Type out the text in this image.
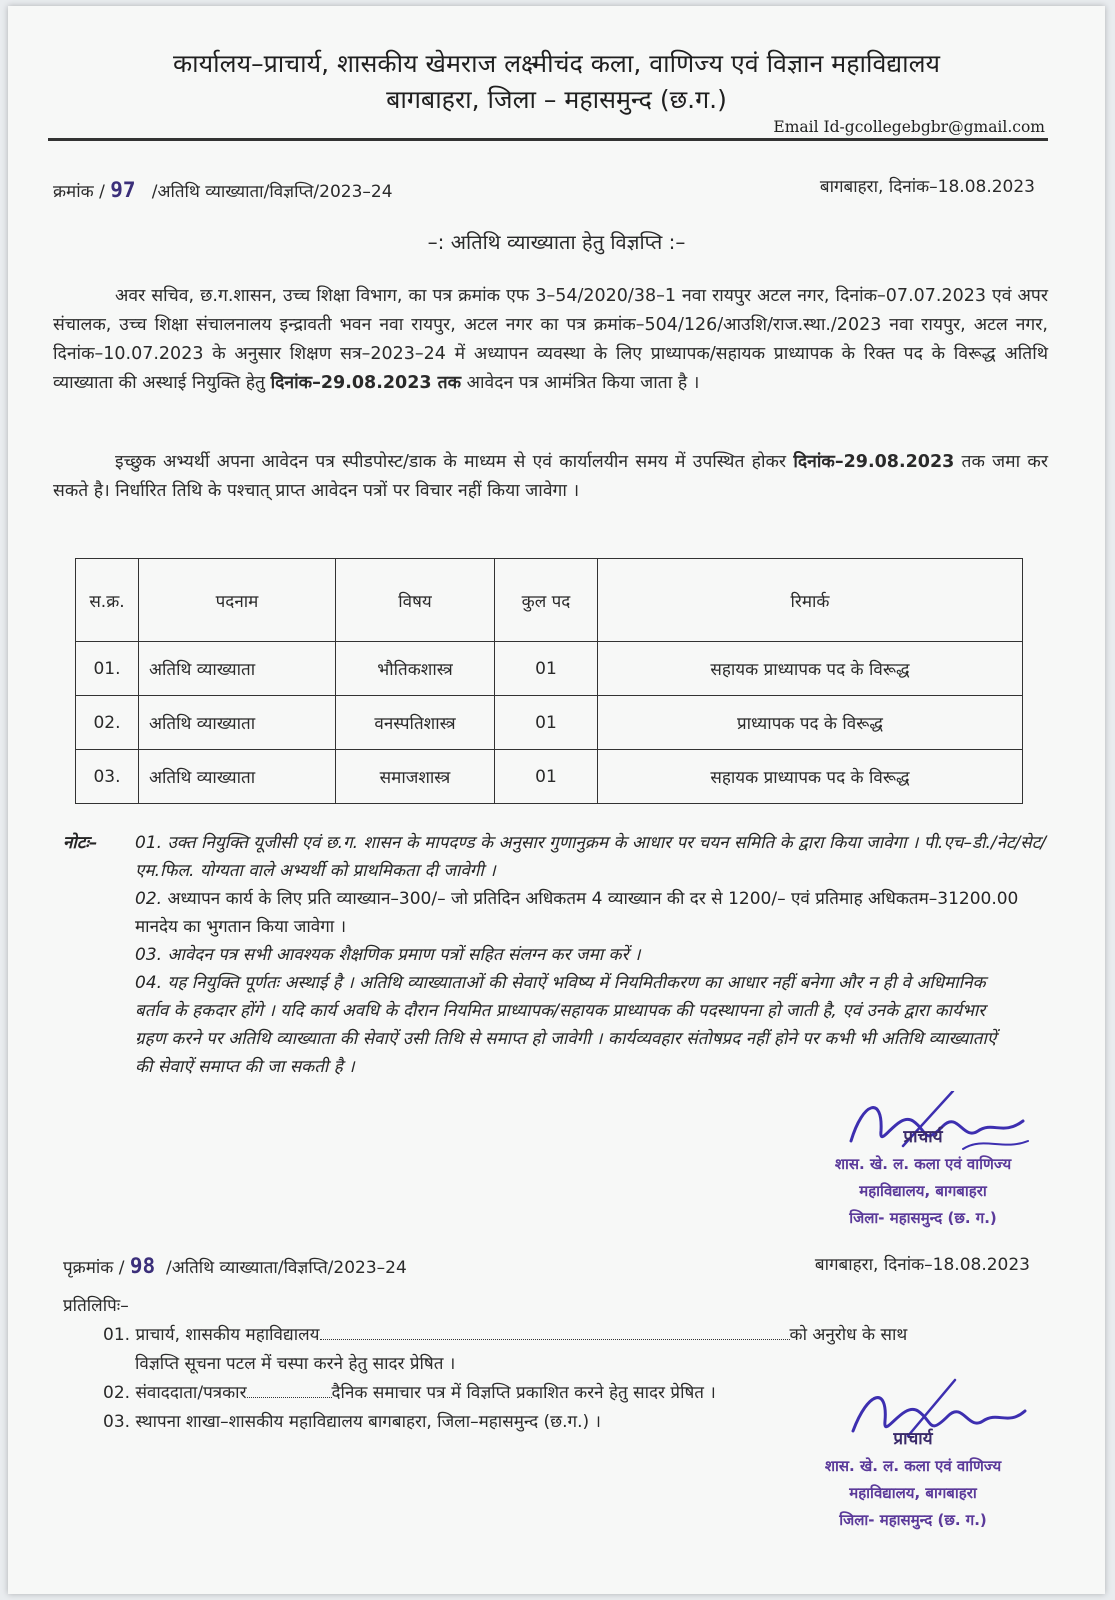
कार्यालय–प्राचार्य, शासकीय खेमराज लक्ष्मीचंद कला, वाणिज्य एवं विज्ञान महाविद्यालय
बागबाहरा, जिला – महासमुन्द (छ.ग.)
Email Id-gcollegebgbr@gmail.com
क्रमांक / 97 /अतिथि व्याख्याता/विज्ञप्ति/2023–24	बागबाहरा, दिनांक–18.08.2023
–: अतिथि व्याख्याता हेतु विज्ञप्ति :–
अवर सचिव, छ.ग.शासन, उच्च शिक्षा विभाग, का पत्र क्रमांक एफ 3–54/2020/38–1 नवा रायपुर अटल नगर, दिनांक–07.07.2023 एवं अपर संचालक, उच्च शिक्षा संचालनालय इन्द्रावती भवन नवा रायपुर, अटल नगर का पत्र क्रमांक–504/126/आउशि/राज.स्था./2023 नवा रायपुर, अटल नगर, दिनांक–10.07.2023 के अनुसार शिक्षण सत्र–2023–24 में अध्यापन व्यवस्था के लिए प्राध्यापक/सहायक प्राध्यापक के रिक्त पद के विरूद्ध अतिथि व्याख्याता की अस्थाई नियुक्ति हेतु दिनांक–29.08.2023 तक आवेदन पत्र आमंत्रित किया जाता है ।
इच्छुक अभ्यर्थी अपना आवेदन पत्र स्पीडपोस्ट/डाक के माध्यम से एवं कार्यालयीन समय में उपस्थित होकर दिनांक–29.08.2023 तक जमा कर सकते है। निर्धारित तिथि के पश्चात् प्राप्त आवेदन पत्रों पर विचार नहीं किया जावेगा ।
स.क्र.	पदनाम	विषय	कुल पद	रिमार्क
01.	अतिथि व्याख्याता	भौतिकशास्त्र	01	सहायक प्राध्यापक पद के विरूद्ध
02.	अतिथि व्याख्याता	वनस्पतिशास्त्र	01	प्राध्यापक पद के विरूद्ध
03.	अतिथि व्याख्याता	समाजशास्त्र	01	सहायक प्राध्यापक पद के विरूद्ध
नोटः– 01. उक्त नियुक्ति यूजीसी एवं छ.ग. शासन के मापदण्ड के अनुसार गुणानुक्रम के आधार पर चयन समिति के द्वारा किया जावेगा । पी.एच–डी./नेट/सेट/एम.फिल. योग्यता वाले अभ्यर्थी को प्राथमिकता दी जावेगी ।
02. अध्यापन कार्य के लिए प्रति व्याख्यान–300/– जो प्रतिदिन अधिकतम 4 व्याख्यान की दर से 1200/– एवं प्रतिमाह अधिकतम–31200.00 मानदेय का भुगतान किया जावेगा ।
03. आवेदन पत्र सभी आवश्यक शैक्षणिक प्रमाण पत्रों सहित संलग्न कर जमा करें ।
04. यह नियुक्ति पूर्णतः अस्थाई है । अतिथि व्याख्याताओं की सेवाऐं भविष्य में नियमितीकरण का आधार नहीं बनेगा और न ही वे अधिमानिक बर्ताव के हकदार होंगे । यदि कार्य अवधि के दौरान नियमित प्राध्यापक/सहायक प्राध्यापक की पदस्थापना हो जाती है, एवं उनके द्वारा कार्यभार ग्रहण करने पर अतिथि व्याख्याता की सेवाऐं उसी तिथि से समाप्त हो जावेगी । कार्यव्यवहार संतोषप्रद नहीं होने पर कभी भी अतिथि व्याख्याताऐं की सेवाऐं समाप्त की जा सकती है ।
प्राचार्य
शास. खे. ल. कला एवं वाणिज्य
महाविद्यालय, बागबाहरा
जिला- महासमुन्द (छ. ग.)
पृक्रमांक / 98 /अतिथि व्याख्याता/विज्ञप्ति/2023–24	बागबाहरा, दिनांक–18.08.2023
प्रतिलिपिः–
01. प्राचार्य, शासकीय महाविद्यालय	को अनुरोध के साथ
विज्ञप्ति सूचना पटल में चस्पा करने हेतु सादर प्रेषित ।
02. संवाददाता/पत्रकार	दैनिक समाचार पत्र में विज्ञप्ति प्रकाशित करने हेतु सादर प्रेषित ।
03. स्थापना शाखा–शासकीय महाविद्यालय बागबाहरा, जिला–महासमुन्द (छ.ग.) ।
प्राचार्य
शास. खे. ल. कला एवं वाणिज्य
महाविद्यालय, बागबाहरा
जिला- महासमुन्द (छ. ग.)
